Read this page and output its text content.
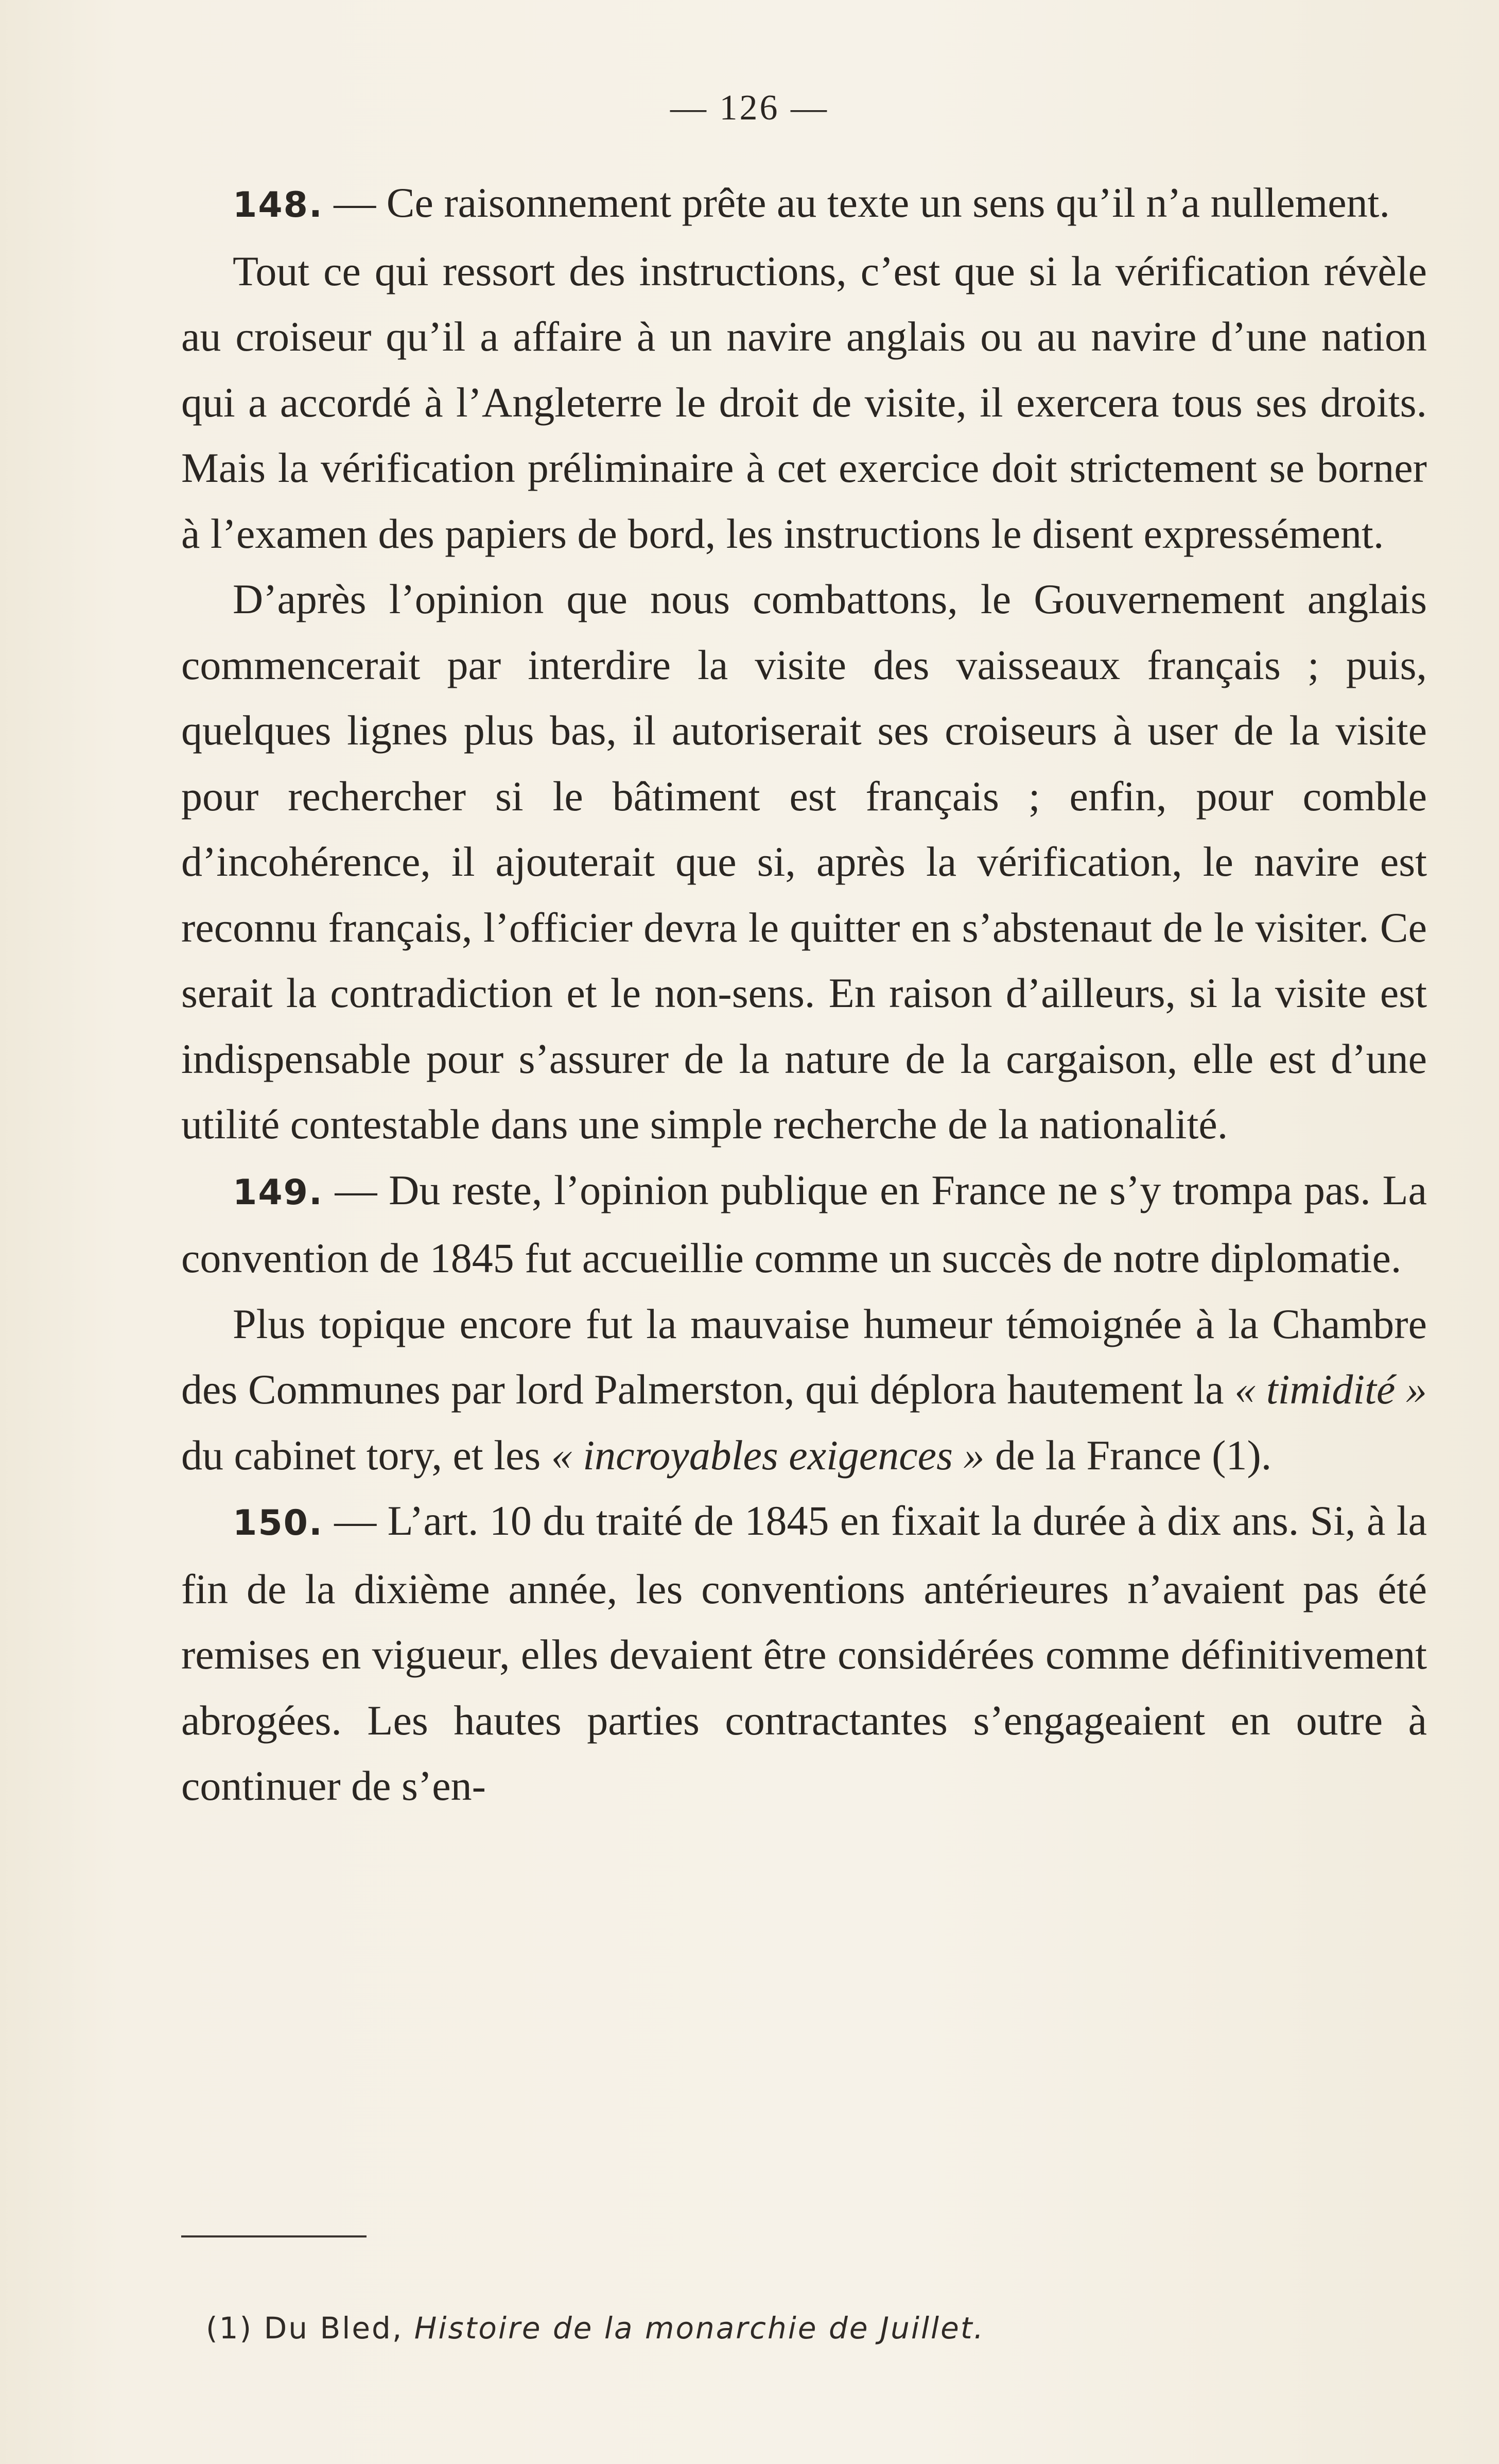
— 126 —

148. — Ce raisonnement prête au texte un sens qu’il n’a nullement.

Tout ce qui ressort des instructions, c’est que si la vérification révèle au croiseur qu’il a affaire à un navire anglais ou au navire d’une nation qui a accordé à l’Angleterre le droit de visite, il exercera tous ses droits. Mais la vérification préliminaire à cet exercice doit strictement se borner à l’examen des papiers de bord, les instructions le disent expressément.

D’après l’opinion que nous combattons, le Gouvernement anglais commencerait par interdire la visite des vaisseaux français ; puis, quelques lignes plus bas, il autoriserait ses croiseurs à user de la visite pour rechercher si le bâtiment est français ; enfin, pour comble d’incohérence, il ajouterait que si, après la vérification, le navire est reconnu français, l’officier devra le quitter en s’abstenaut de le visiter. Ce serait la contradiction et le non-sens. En raison d’ailleurs, si la visite est indispensable pour s’assurer de la nature de la cargaison, elle est d’une utilité contestable dans une simple recherche de la nationalité.

149. — Du reste, l’opinion publique en France ne s’y trompa pas. La convention de 1845 fut accueillie comme un succès de notre diplomatie.

Plus topique encore fut la mauvaise humeur témoignée à la Chambre des Communes par lord Palmerston, qui déplora hautement la « timidité » du cabinet tory, et les « incroyables exigences » de la France (1).

150. — L’art. 10 du traité de 1845 en fixait la durée à dix ans. Si, à la fin de la dixième année, les conventions antérieures n’avaient pas été remises en vigueur, elles devaient être considérées comme définitivement abrogées. Les hautes parties contractantes s’engageaient en outre à continuer de s’en-

(1) Du Bled, Histoire de la monarchie de Juillet.
